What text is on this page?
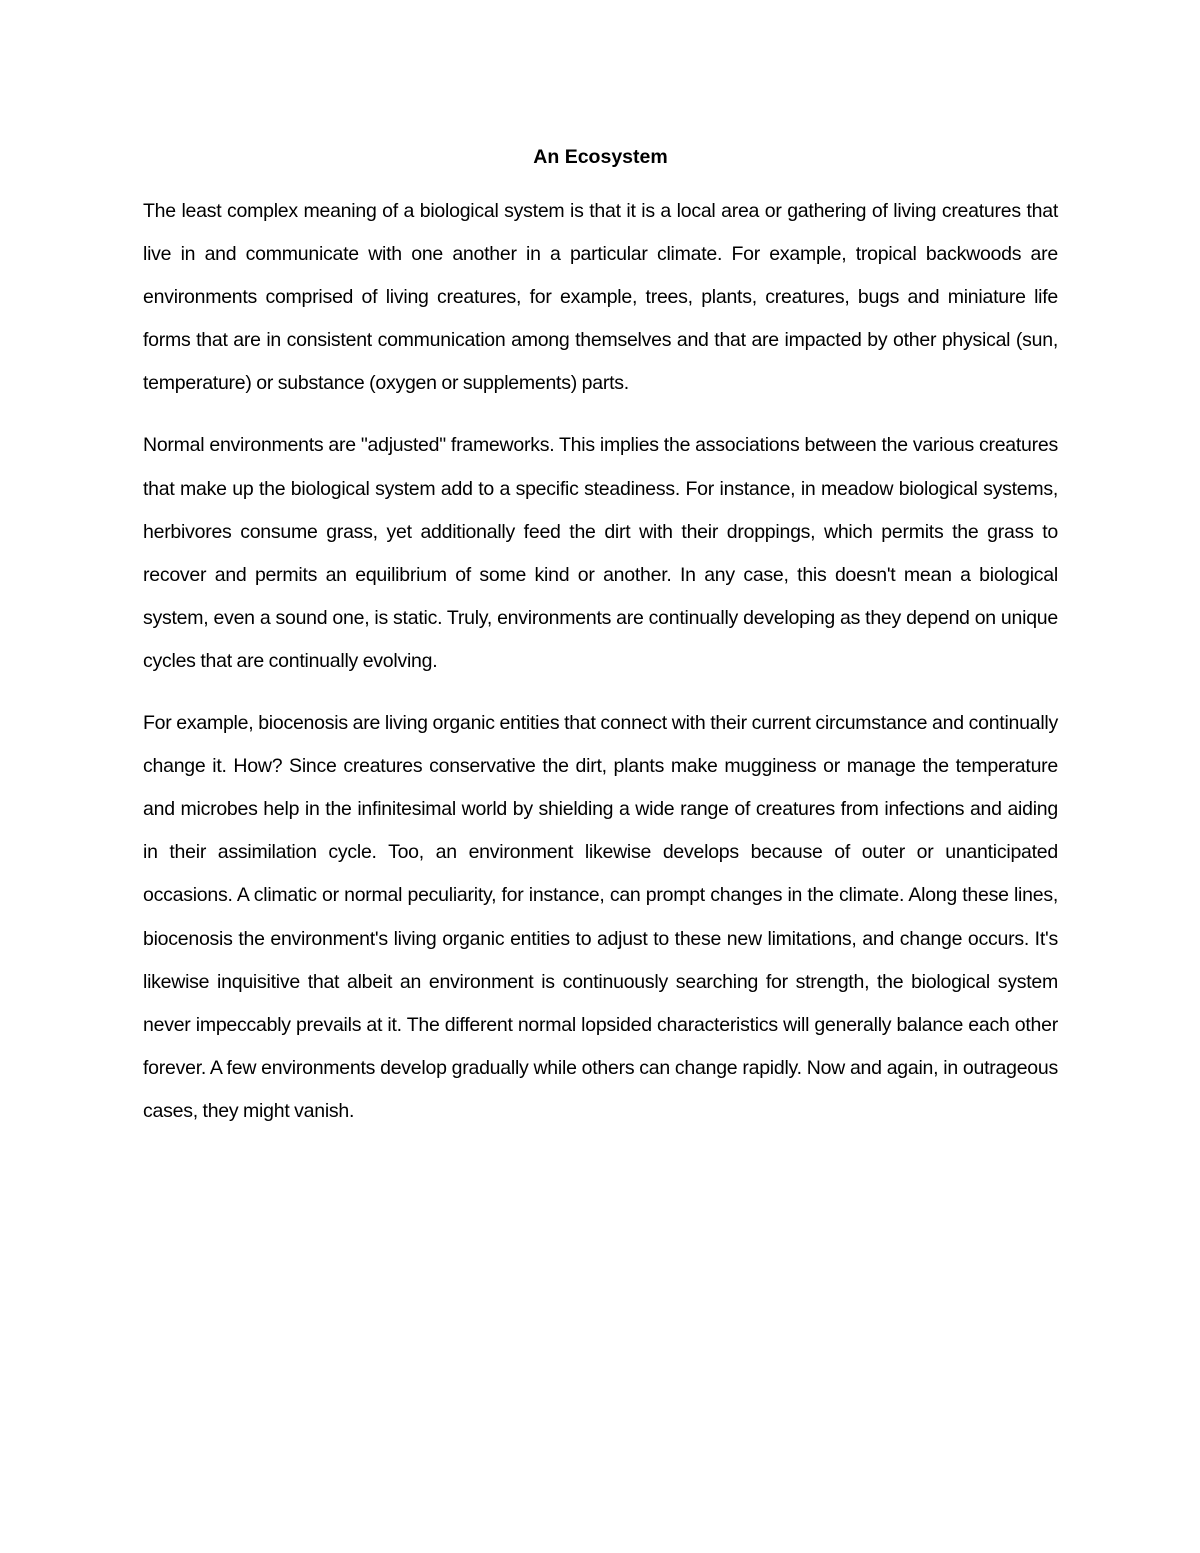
An Ecosystem

The least complex meaning of a biological system is that it is a local area or gathering of living creatures that live in and communicate with one another in a particular climate. For example, tropical backwoods are environments comprised of living creatures, for example, trees, plants, creatures, bugs and miniature life forms that are in consistent communication among themselves and that are impacted by other physical (sun, temperature) or substance (oxygen or supplements) parts.

Normal environments are "adjusted" frameworks. This implies the associations between the various creatures that make up the biological system add to a specific steadiness. For instance, in meadow biological systems, herbivores consume grass, yet additionally feed the dirt with their droppings, which permits the grass to recover and permits an equilibrium of some kind or another. In any case, this doesn't mean a biological system, even a sound one, is static. Truly, environments are continually developing as they depend on unique cycles that are continually evolving.

For example, biocenosis are living organic entities that connect with their current circumstance and continually change it. How? Since creatures conservative the dirt, plants make mugginess or manage the temperature and microbes help in the infinitesimal world by shielding a wide range of creatures from infections and aiding in their assimilation cycle. Too, an environment likewise develops because of outer or unanticipated occasions. A climatic or normal peculiarity, for instance, can prompt changes in the climate. Along these lines, biocenosis the environment's living organic entities to adjust to these new limitations, and change occurs. It's likewise inquisitive that albeit an environment is continuously searching for strength, the biological system never impeccably prevails at it. The different normal lopsided characteristics will generally balance each other forever. A few environments develop gradually while others can change rapidly. Now and again, in outrageous cases, they might vanish.
